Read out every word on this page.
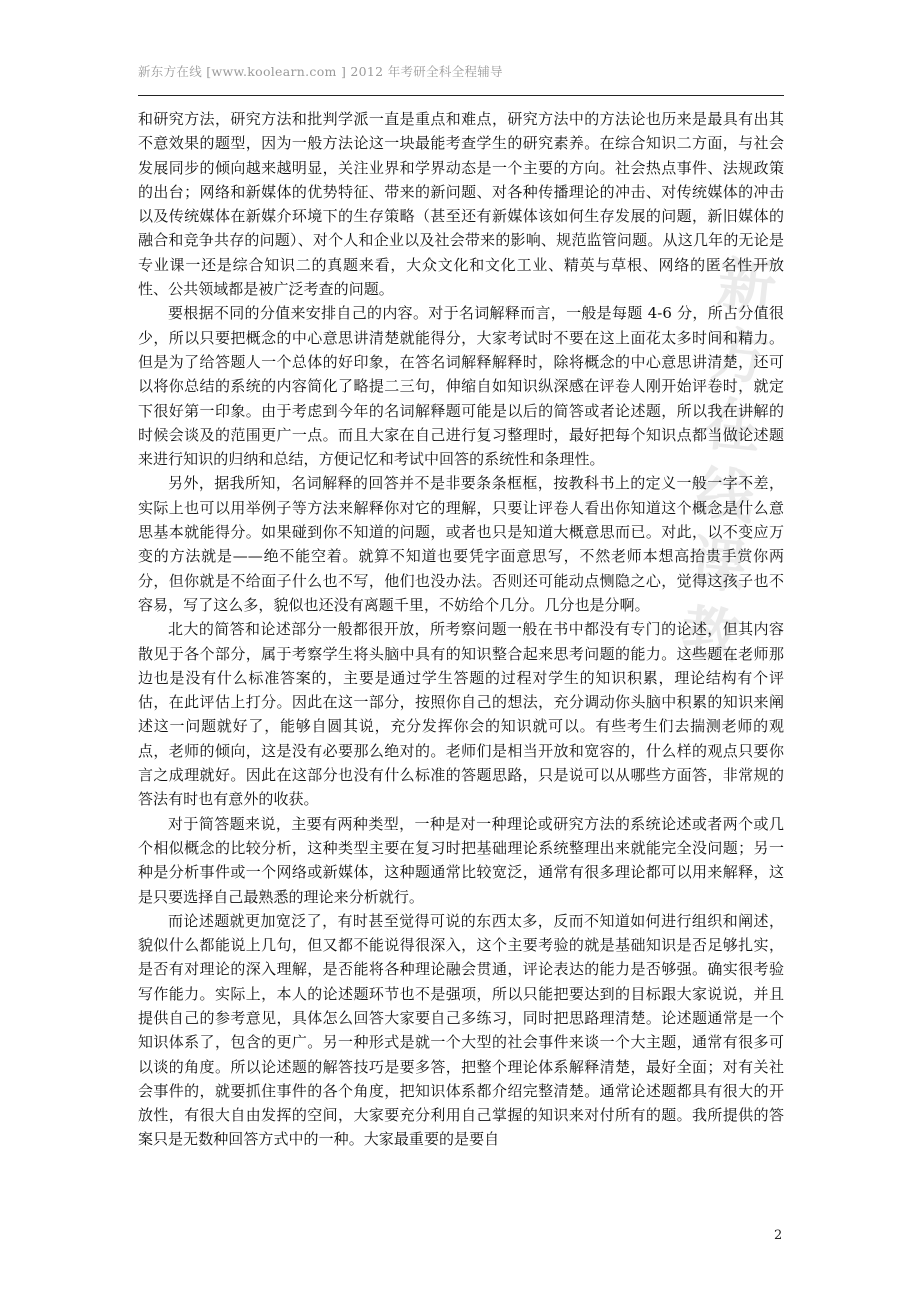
新东方在线 [www.koolearn.com ] 2012 年考研全科全程辅导
新
方
在
线
课
教

和研究方法，研究方法和批判学派一直是重点和难点，研究方法中的方法论也历来是最具有出其不意效果的题型，因为一般方法论这一块最能考查学生的研究素养。在综合知识二方面，与社会发展同步的倾向越来越明显，关注业界和学界动态是一个主要的方向。社会热点事件、法规政策的出台；网络和新媒体的优势特征、带来的新问题、对各种传播理论的冲击、对传统媒体的冲击以及传统媒体在新媒介环境下的生存策略（甚至还有新媒体该如何生存发展的问题，新旧媒体的融合和竞争共存的问题）、对个人和企业以及社会带来的影响、规范监管问题。从这几年的无论是专业课一还是综合知识二的真题来看，大众文化和文化工业、精英与草根、网络的匿名性开放性、公共领域都是被广泛考查的问题。

要根据不同的分值来安排自己的内容。对于名词解释而言，一般是每题 4-6 分，所占分值很少，所以只要把概念的中心意思讲清楚就能得分，大家考试时不要在这上面花太多时间和精力。但是为了给答题人一个总体的好印象，在答名词解释解释时，除将概念的中心意思讲清楚，还可以将你总结的系统的内容简化了略提二三句，伸缩自如知识纵深感在评卷人刚开始评卷时，就定下很好第一印象。由于考虑到今年的名词解释题可能是以后的简答或者论述题，所以我在讲解的时候会谈及的范围更广一点。而且大家在自己进行复习整理时，最好把每个知识点都当做论述题来进行知识的归纳和总结，方便记忆和考试中回答的系统性和条理性。

另外，据我所知，名词解释的回答并不是非要条条框框，按教科书上的定义一般一字不差，实际上也可以用举例子等方法来解释你对它的理解，只要让评卷人看出你知道这个概念是什么意思基本就能得分。如果碰到你不知道的问题，或者也只是知道大概意思而已。对此，以不变应万变的方法就是——绝不能空着。就算不知道也要凭字面意思写，不然老师本想高抬贵手赏你两分，但你就是不给面子什么也不写，他们也没办法。否则还可能动点恻隐之心，觉得这孩子也不容易，写了这么多，貌似也还没有离题千里，不妨给个几分。几分也是分啊。

北大的简答和论述部分一般都很开放，所考察问题一般在书中都没有专门的论述，但其内容散见于各个部分，属于考察学生将头脑中具有的知识整合起来思考问题的能力。这些题在老师那边也是没有什么标准答案的，主要是通过学生答题的过程对学生的知识积累，理论结构有个评估，在此评估上打分。因此在这一部分，按照你自己的想法，充分调动你头脑中积累的知识来阐述这一问题就好了，能够自圆其说，充分发挥你会的知识就可以。有些考生们去揣测老师的观点，老师的倾向，这是没有必要那么绝对的。老师们是相当开放和宽容的，什么样的观点只要你言之成理就好。因此在这部分也没有什么标准的答题思路，只是说可以从哪些方面答，非常规的答法有时也有意外的收获。

对于简答题来说，主要有两种类型，一种是对一种理论或研究方法的系统论述或者两个或几个相似概念的比较分析，这种类型主要在复习时把基础理论系统整理出来就能完全没问题；另一种是分析事件或一个网络或新媒体，这种题通常比较宽泛，通常有很多理论都可以用来解释，这是只要选择自己最熟悉的理论来分析就行。

而论述题就更加宽泛了，有时甚至觉得可说的东西太多，反而不知道如何进行组织和阐述，貌似什么都能说上几句，但又都不能说得很深入，这个主要考验的就是基础知识是否足够扎实，是否有对理论的深入理解，是否能将各种理论融会贯通，评论表达的能力是否够强。确实很考验写作能力。实际上，本人的论述题环节也不是强项，所以只能把要达到的目标跟大家说说，并且提供自己的参考意见，具体怎么回答大家要自己多练习，同时把思路理清楚。论述题通常是一个知识体系了，包含的更广。另一种形式是就一个大型的社会事件来谈一个大主题，通常有很多可以谈的角度。所以论述题的解答技巧是要多答，把整个理论体系解释清楚，最好全面；对有关社会事件的，就要抓住事件的各个角度，把知识体系都介绍完整清楚。通常论述题都具有很大的开放性，有很大自由发挥的空间，大家要充分利用自己掌握的知识来对付所有的题。我所提供的答案只是无数种回答方式中的一种。大家最重要的是要自

2
